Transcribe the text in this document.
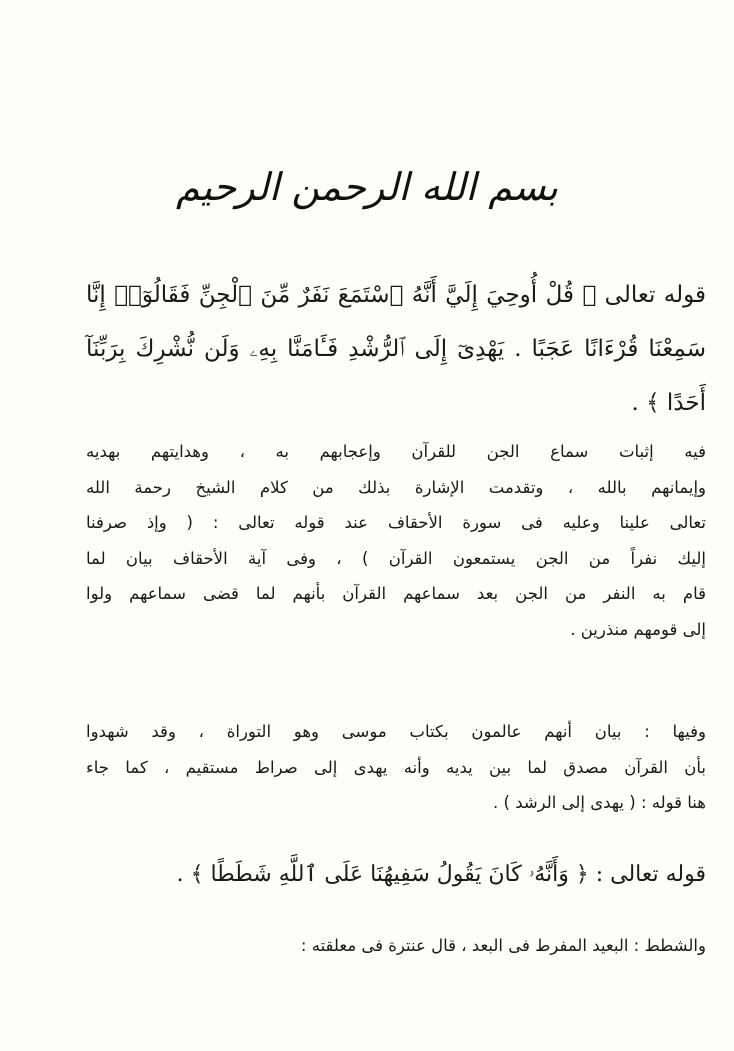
بسم الله الرحمن الرحيم
قوله تعالى ﴿ قُلْ أُوحِيَ إِلَيَّ أَنَّهُ ٱسْتَمَعَ نَفَرٌ مِّنَ ٱلْجِنِّ فَقَالُوٓا۟ إِنَّا
سَمِعْنَا قُرْءَانًا عَجَبًا . يَهْدِىٓ إِلَى ٱلرُّشْدِ فَـَٔامَنَّا بِهِۦ وَلَن نُّشْرِكَ بِرَبِّنَآ
أَحَدًا ﴾ .
فيه إثبات سماع الجن للقرآن وإعجابهم به ، وهدايتهم بهديه
وإيمانهم بالله ، وتقدمت الإشارة بذلك من كلام الشيخ رحمة الله
تعالى علينا وعليه فى سورة الأحقاف عند قوله تعالى : ( وإذ صرفنا
إليك نفراً من الجن يستمعون القرآن ) ، وفى آية الأحقاف بيان لما
قام به النفر من الجن بعد سماعهم القرآن بأنهم لما قضى سماعهم ولوا
إلى قومهم منذرين .
وفيها : بيان أنهم عالمون بكتاب موسى وهو التوراة ، وقد شهدوا
بأن القرآن مصدق لما بين يديه وأنه يهدى إلى صراط مستقيم ، كما جاء
هنا قوله : ( يهدى إلى الرشد ) .
قوله تعالى : ﴿ وَأَنَّهُۥ كَانَ يَقُولُ سَفِيهُنَا عَلَى ٱللَّهِ شَطَطًا ﴾ .
والشطط : البعيد المفرط فى البعد ، قال عنترة فى معلقته :
